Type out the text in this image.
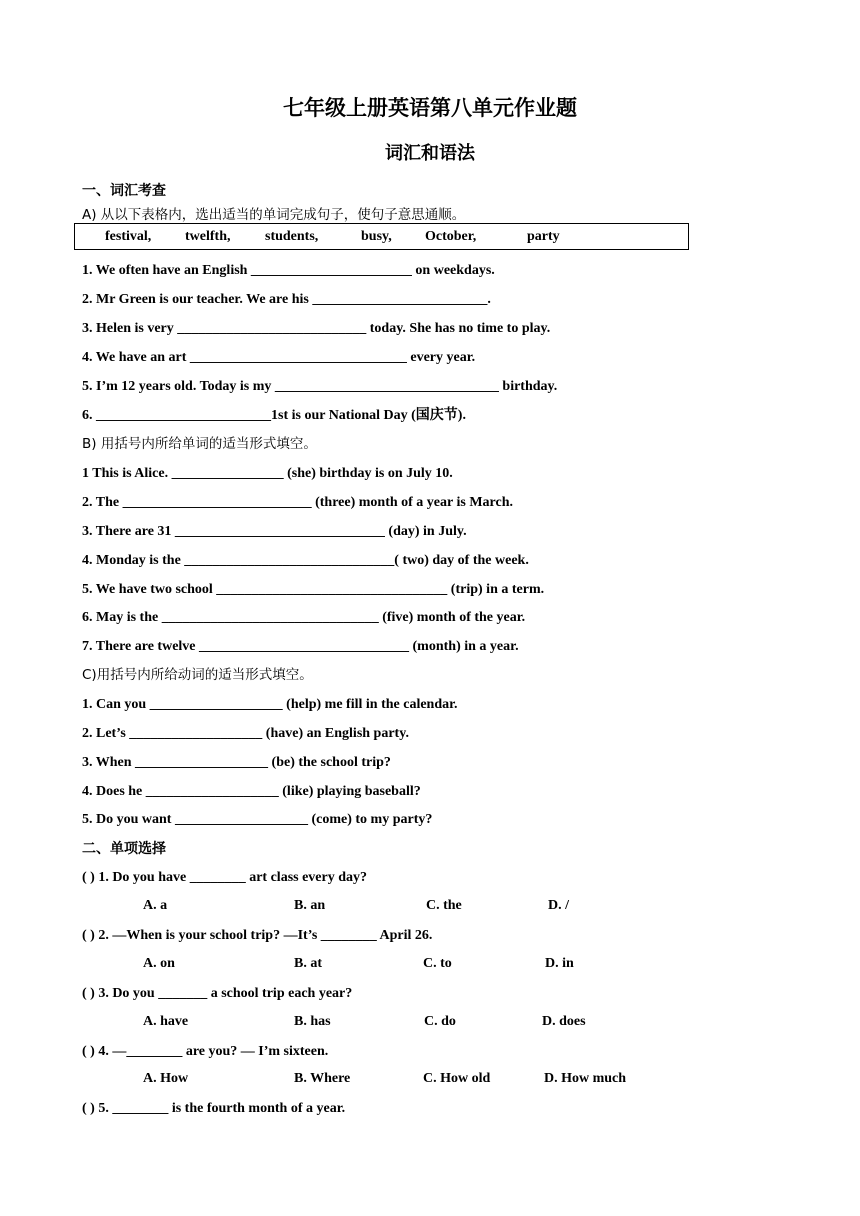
七年级上册英语第八单元作业题
词汇和语法
一、词汇考查
A) 从以下表格内，选出适当的单词完成句子，使句子意思通顺。
festival, twelfth, students,	busy, October,	party
1. We often have an English _______________________ on weekdays.
2. Mr Green is our teacher. We are his _________________________.
3. Helen is very ___________________________ today. She has no time to play.
4. We have an art _______________________________ every year.
5. I’m 12 years old. Today is my ________________________________ birthday.
6. _________________________1st is our National Day (国庆节).
B) 用括号内所给单词的适当形式填空。
1 This is Alice. ________________ (she) birthday is on July 10.
2. The ___________________________ (three) month of a year is March.
3. There are 31 ______________________________ (day) in July.
4. Monday is the ______________________________( two) day of the week.
5. We have two school _________________________________ (trip) in a term.
6. May is the _______________________________ (five) month of the year.
7. There are twelve ______________________________ (month) in a year.
C)用括号内所给动词的适当形式填空。
1. Can you ___________________ (help) me fill in the calendar.
2. Let’s ___________________ (have) an English party.
3. When ___________________ (be) the school trip?
4. Does he ___________________ (like) playing baseball?
5. Do you want ___________________ (come) to my party?
二、单项选择
( ) 1. Do you have ________ art class every day?
A. a	B. an	C. the	D. /
( ) 2. —When is your school trip? —It’s ________ April 26.
A. on	B. at	C. to	D. in
( ) 3. Do you _______ a school trip each year?
A. have	B. has	C. do	D. does
( ) 4. —________ are you? — I’m sixteen.
A. How	B. Where	C. How old	D. How much
( ) 5. ________ is the fourth month of a year.
